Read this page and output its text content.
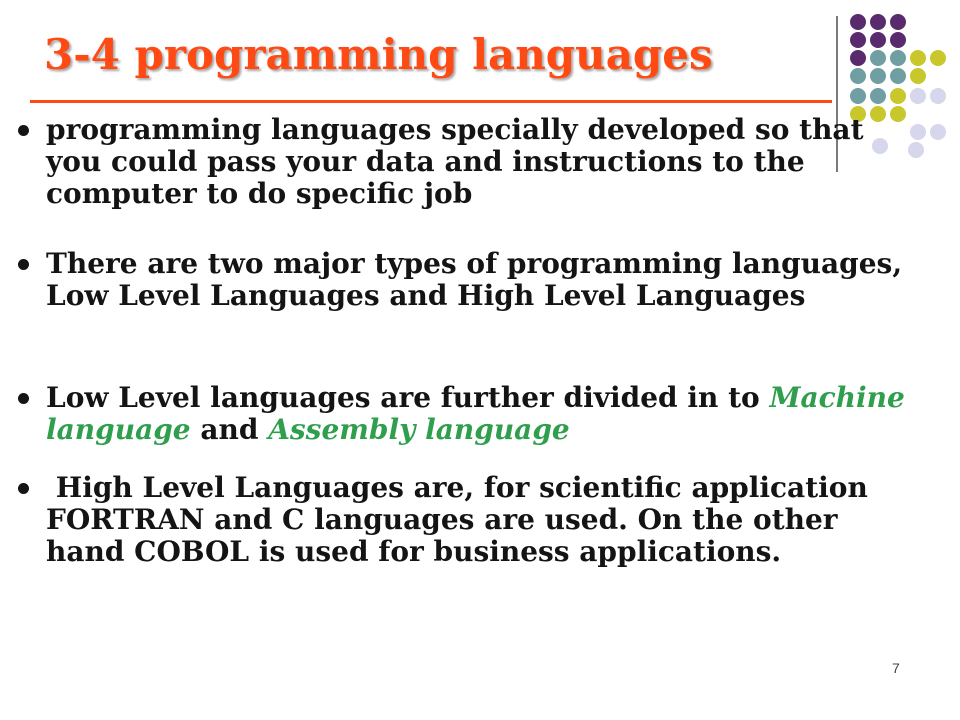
3-4 programming languages
programming languages specially developed so that you could pass your data and instructions to the computer to do specific job
There are two major types of programming languages, Low Level Languages and High Level Languages
Low Level languages are further divided in to Machine language and Assembly language
High Level Languages are, for scientific application FORTRAN and C languages are used. On the other hand COBOL is used for business applications.
7
